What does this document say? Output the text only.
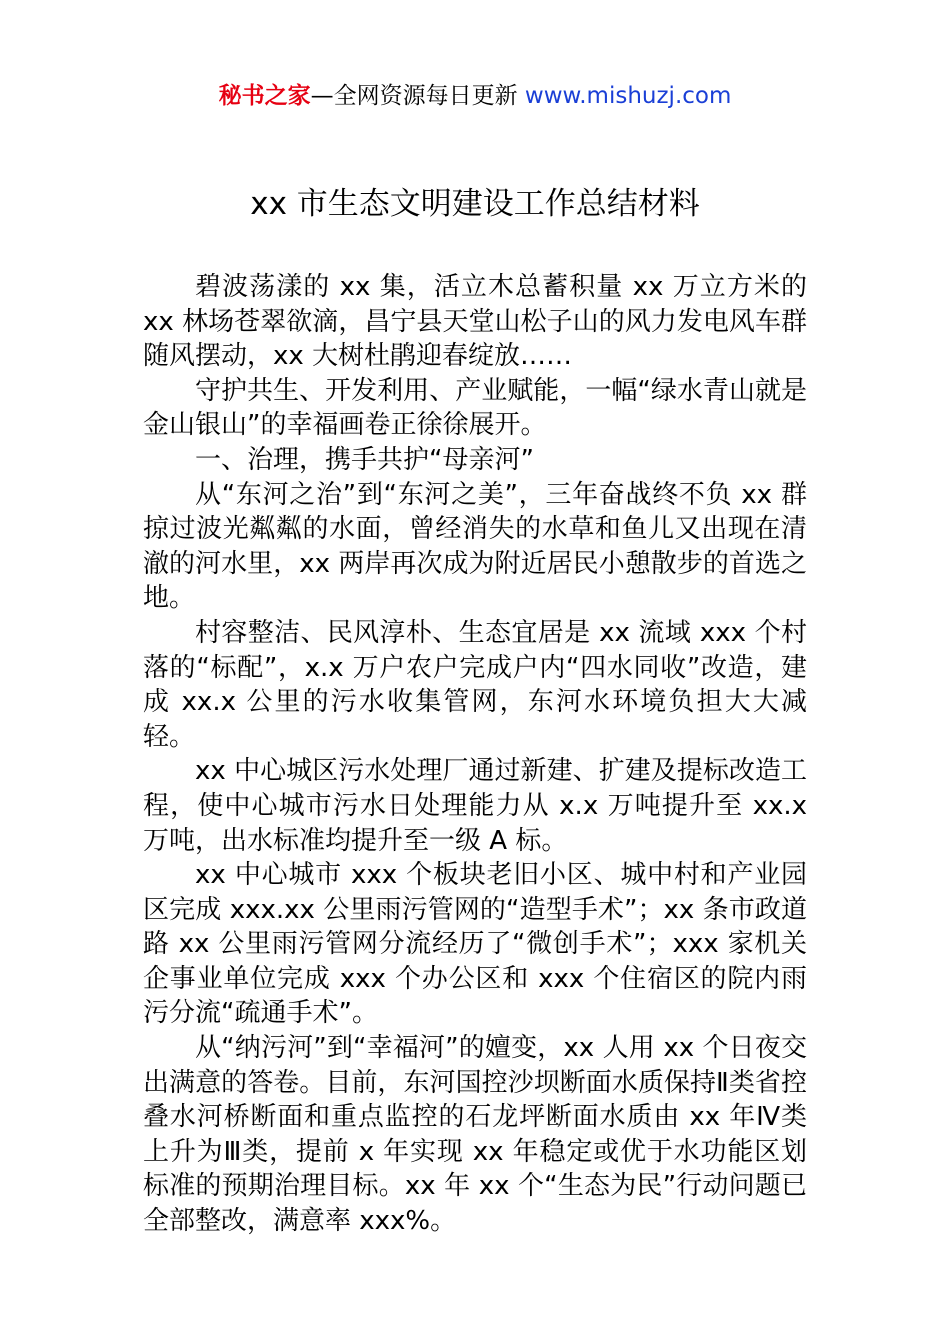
秘书之家—全网资源每日更新 www.mishuzj.com
xx 市生态文明建设工作总结材料

碧波荡漾的 xx 集，活立木总蓄积量 xx 万立方米的 xx 林场苍翠欲滴，昌宁县天堂山松子山的风力发电风车群随风摆动，xx 大树杜鹃迎春绽放……

守护共生、开发利用、产业赋能，一幅“绿水青山就是金山银山”的幸福画卷正徐徐展开。

一、治理，携手共护“母亲河”

从“东河之治”到“东河之美”，三年奋战终不负 xx 群掠过波光粼粼的水面，曾经消失的水草和鱼儿又出现在清澈的河水里，xx 两岸再次成为附近居民小憩散步的首选之地。

村容整洁、民风淳朴、生态宜居是 xx 流域 xxx 个村落的“标配”，x.x 万户农户完成户内“四水同收”改造，建成 xx.x 公里的污水收集管网，东河水环境负担大大减轻。

xx 中心城区污水处理厂通过新建、扩建及提标改造工程，使中心城市污水日处理能力从 x.x 万吨提升至 xx.x 万吨，出水标准均提升至一级 A 标。

xx 中心城市 xxx 个板块老旧小区、城中村和产业园区完成 xxx.xx 公里雨污管网的“造型手术”；xx 条市政道路 xx 公里雨污管网分流经历了“微创手术”；xxx 家机关企事业单位完成 xxx 个办公区和 xxx 个住宿区的院内雨污分流“疏通手术”。

从“纳污河”到“幸福河”的嬗变，xx 人用 xx 个日夜交出满意的答卷。目前，东河国控沙坝断面水质保持Ⅱ类省控叠水河桥断面和重点监控的石龙坪断面水质由 xx 年Ⅳ类上升为Ⅲ类，提前 x 年实现 xx 年稳定或优于水功能区划标准的预期治理目标。xx 年 xx 个“生态为民”行动问题已全部整改，满意率 xxx%。
